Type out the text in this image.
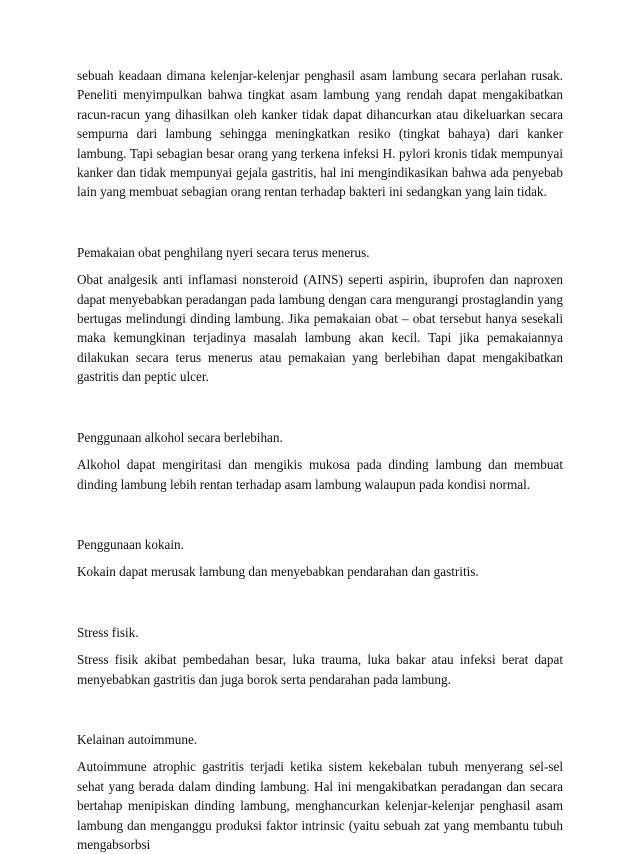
sebuah keadaan dimana kelenjar-kelenjar penghasil asam lambung secara perlahan rusak. Peneliti menyimpulkan bahwa tingkat asam lambung yang rendah dapat mengakibatkan racun-racun yang dihasilkan oleh kanker tidak dapat dihancurkan atau dikeluarkan secara sempurna dari lambung sehingga meningkatkan resiko (tingkat bahaya) dari kanker lambung. Tapi sebagian besar orang yang terkena infeksi H. pylori kronis tidak mempunyai kanker dan tidak mempunyai gejala gastritis, hal ini mengindikasikan bahwa ada penyebab lain yang membuat sebagian orang rentan terhadap bakteri ini sedangkan yang lain tidak.

Pemakaian obat penghilang nyeri secara terus menerus.

Obat analgesik anti inflamasi nonsteroid (AINS) seperti aspirin, ibuprofen dan naproxen dapat menyebabkan peradangan pada lambung dengan cara mengurangi prostaglandin yang bertugas melindungi dinding lambung. Jika pemakaian obat – obat tersebut hanya sesekali maka kemungkinan terjadinya masalah lambung akan kecil. Tapi jika pemakaiannya dilakukan secara terus menerus atau pemakaian yang berlebihan dapat mengakibatkan gastritis dan peptic ulcer.

Penggunaan alkohol secara berlebihan.

Alkohol dapat mengiritasi dan mengikis mukosa pada dinding lambung dan membuat dinding lambung lebih rentan terhadap asam lambung walaupun pada kondisi normal.

Penggunaan kokain.

Kokain dapat merusak lambung dan menyebabkan pendarahan dan gastritis.

Stress fisik.

Stress fisik akibat pembedahan besar, luka trauma, luka bakar atau infeksi berat dapat menyebabkan gastritis dan juga borok serta pendarahan pada lambung.

Kelainan autoimmune.

Autoimmune atrophic gastritis terjadi ketika sistem kekebalan tubuh menyerang sel-sel sehat yang berada dalam dinding lambung. Hal ini mengakibatkan peradangan dan secara bertahap menipiskan dinding lambung, menghancurkan kelenjar-kelenjar penghasil asam lambung dan menganggu produksi faktor intrinsic (yaitu sebuah zat yang membantu tubuh mengabsorbsi
